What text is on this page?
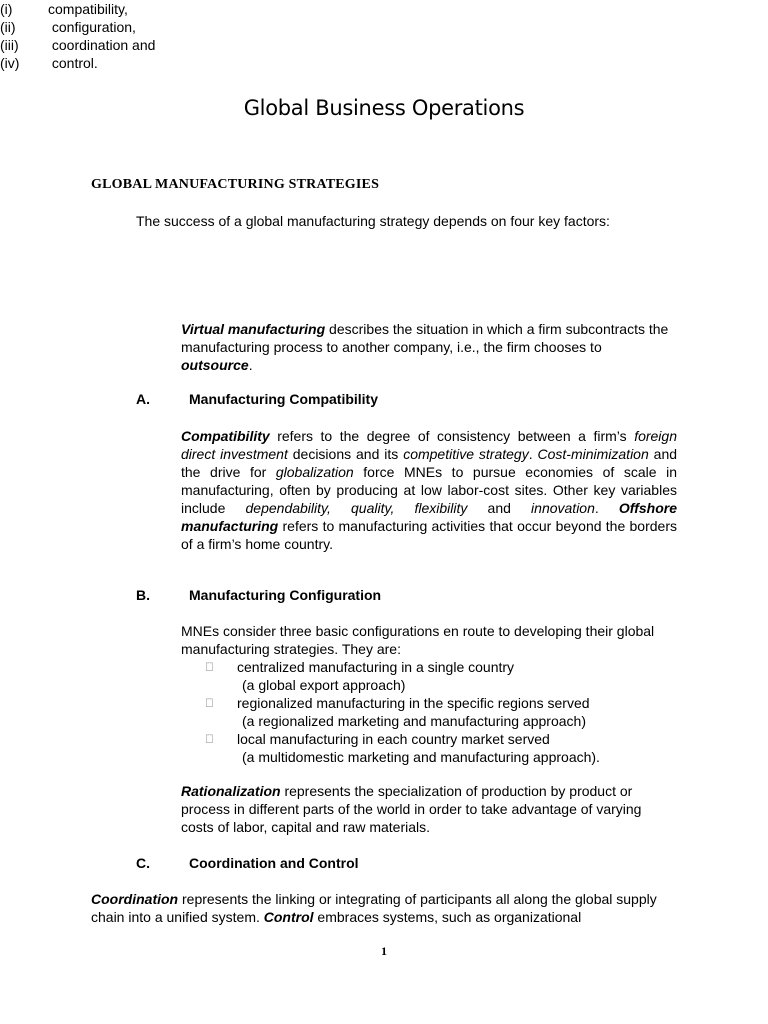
Global Business Operations
GLOBAL MANUFACTURING STRATEGIES
The success of a global manufacturing strategy depends on four key factors:
(i)	compatibility,
(ii)	configuration,
(iii)	coordination and
(iv)	control.
Virtual manufacturing describes the situation in which a firm subcontracts the manufacturing process to another company, i.e., the firm chooses to outsource.
A.	Manufacturing Compatibility
Compatibility refers to the degree of consistency between a firm’s foreign direct investment decisions and its competitive strategy. Cost-minimization and the drive for globalization force MNEs to pursue economies of scale in manufacturing, often by producing at low labor-cost sites. Other key variables include dependability, quality, flexibility and innovation. Offshore manufacturing refers to manufacturing activities that occur beyond the borders of a firm’s home country.
B.	Manufacturing Configuration
MNEs consider three basic configurations en route to developing their global manufacturing strategies. They are:
centralized manufacturing in a single country
(a global export approach)
regionalized manufacturing in the specific regions served
(a regionalized marketing and manufacturing approach)
local manufacturing in each country market served
(a multidomestic marketing and manufacturing approach).
Rationalization represents the specialization of production by product or process in different parts of the world in order to take advantage of varying costs of labor, capital and raw materials.
C.	Coordination and Control
Coordination represents the linking or integrating of participants all along the global supply chain into a unified system. Control embraces systems, such as organizational
1
